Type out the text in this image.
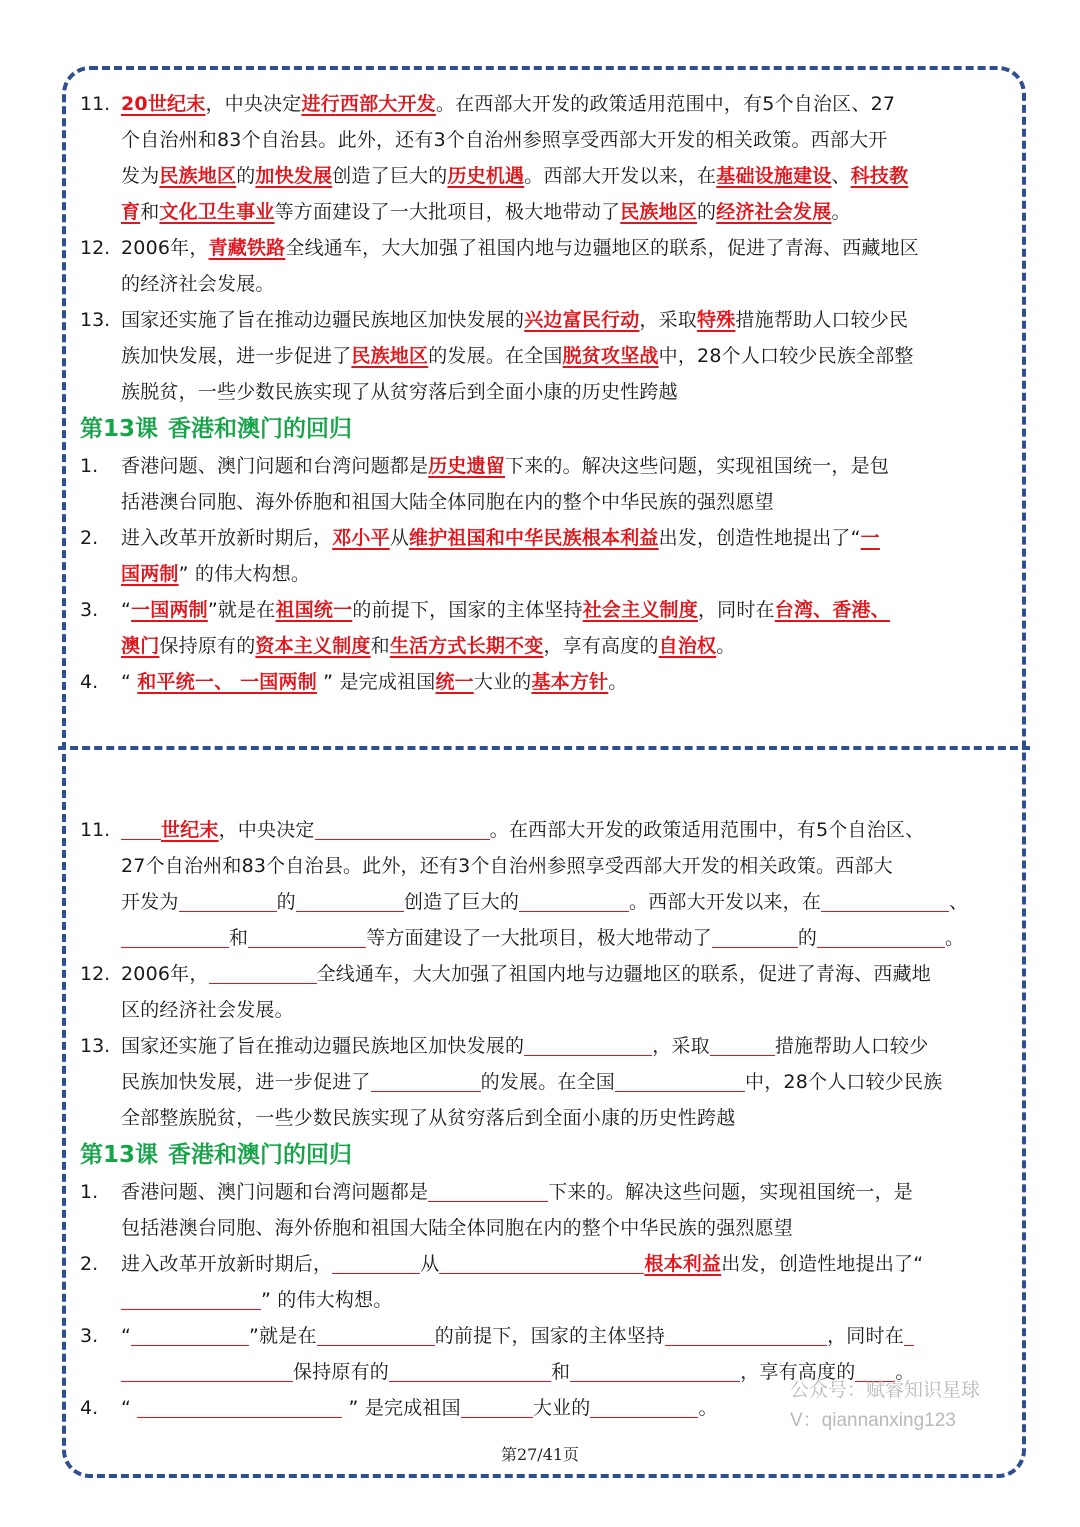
11. 20世纪末，中央决定进行西部大开发。在西部大开发的政策适用范围中，有5个自治区、27
个自治州和83个自治县。此外，还有3个自治州参照享受西部大开发的相关政策。西部大开
发为民族地区的加快发展创造了巨大的历史机遇。西部大开发以来，在基础设施建设、科技教
育和文化卫生事业等方面建设了一大批项目，极大地带动了民族地区的经济社会发展。
12. 2006年，青藏铁路全线通车，大大加强了祖国内地与边疆地区的联系，促进了青海、西藏地区
的经济社会发展。
13. 国家还实施了旨在推动边疆民族地区加快发展的兴边富民行动，采取特殊措施帮助人口较少民
族加快发展，进一步促进了民族地区的发展。在全国脱贫攻坚战中，28个人口较少民族全部整
族脱贫，一些少数民族实现了从贫穷落后到全面小康的历史性跨越
第13课 香港和澳门的回归
1. 香港问题、澳门问题和台湾问题都是历史遗留下来的。解决这些问题，实现祖国统一，是包
括港澳台同胞、海外侨胞和祖国大陆全体同胞在内的整个中华民族的强烈愿望
2. 进入改革开放新时期后，邓小平从维护祖国和中华民族根本利益出发，创造性地提出了“一
国两制” 的伟大构想。
3. “一国两制”就是在祖国统一的前提下，国家的主体坚持社会主义制度，同时在台湾、香港、
澳门保持原有的资本主义制度和生活方式长期不变，享有高度的自治权。
4. “ 和平统一、 一国两制 ” 是完成祖国统一大业的基本方针。
11.	世纪末，中央决定	。在西部大开发的政策适用范围中，有5个自治区、
27个自治州和83个自治县。此外，还有3个自治州参照享受西部大开发的相关政策。西部大
开发为	的	创造了巨大的	。西部大开发以来，在	、
和	等方面建设了一大批项目，极大地带动了	的	。
12. 2006年，	全线通车，大大加强了祖国内地与边疆地区的联系，促进了青海、西藏地
区的经济社会发展。
13. 国家还实施了旨在推动边疆民族地区加快发展的	，采取	措施帮助人口较少
民族加快发展，进一步促进了	的发展。在全国	中，28个人口较少民族
全部整族脱贫，一些少数民族实现了从贫穷落后到全面小康的历史性跨越
第13课 香港和澳门的回归
1. 香港问题、澳门问题和台湾问题都是	下来的。解决这些问题，实现祖国统一，是
包括港澳台同胞、海外侨胞和祖国大陆全体同胞在内的整个中华民族的强烈愿望
2. 进入改革开放新时期后，	从	根本利益出发，创造性地提出了“
” 的伟大构想。
3. “	”就是在	的前提下，国家的主体坚持	，同时在
保持原有的	和	，享有高度的 。
4. “	” 是完成祖国	大业的	。
公众号：赋睿知识星球
V：qiannanxing123
第27/41页
